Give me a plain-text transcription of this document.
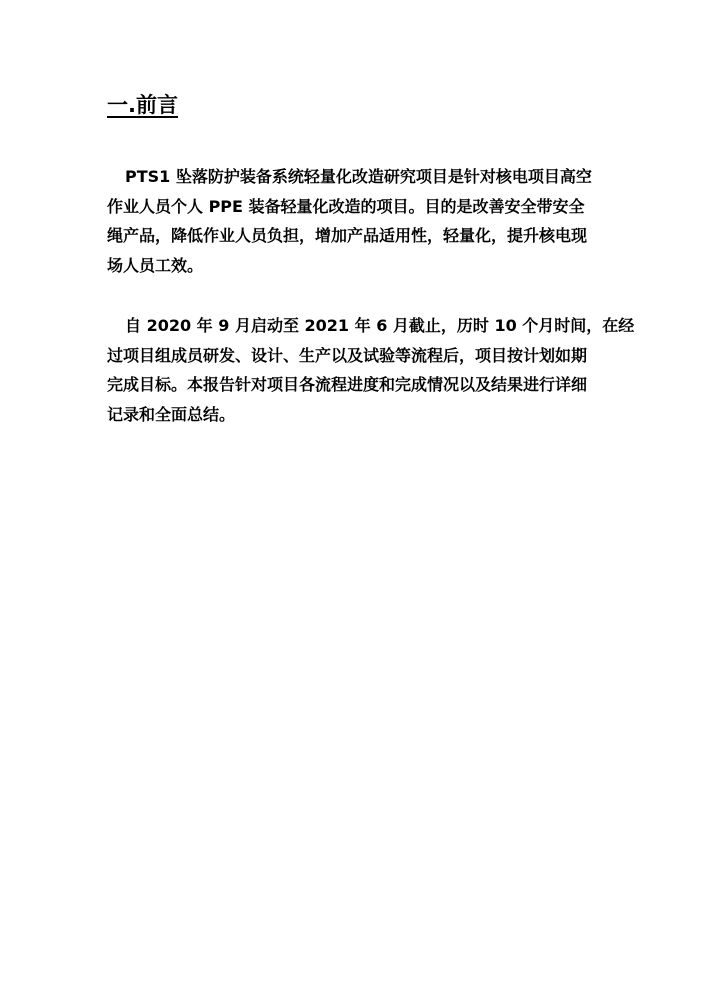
一.前言
PTS1 坠落防护装备系统轻量化改造研究项目是针对核电项目高空
作业人员个人 PPE 装备轻量化改造的项目。目的是改善安全带安全
绳产品，降低作业人员负担，增加产品适用性，轻量化，提升核电现
场人员工效。
自 2020 年 9 月启动至 2021 年 6 月截止，历时 10 个月时间，在经
过项目组成员研发、设计、生产以及试验等流程后，项目按计划如期
完成目标。本报告针对项目各流程进度和完成情况以及结果进行详细
记录和全面总结。
